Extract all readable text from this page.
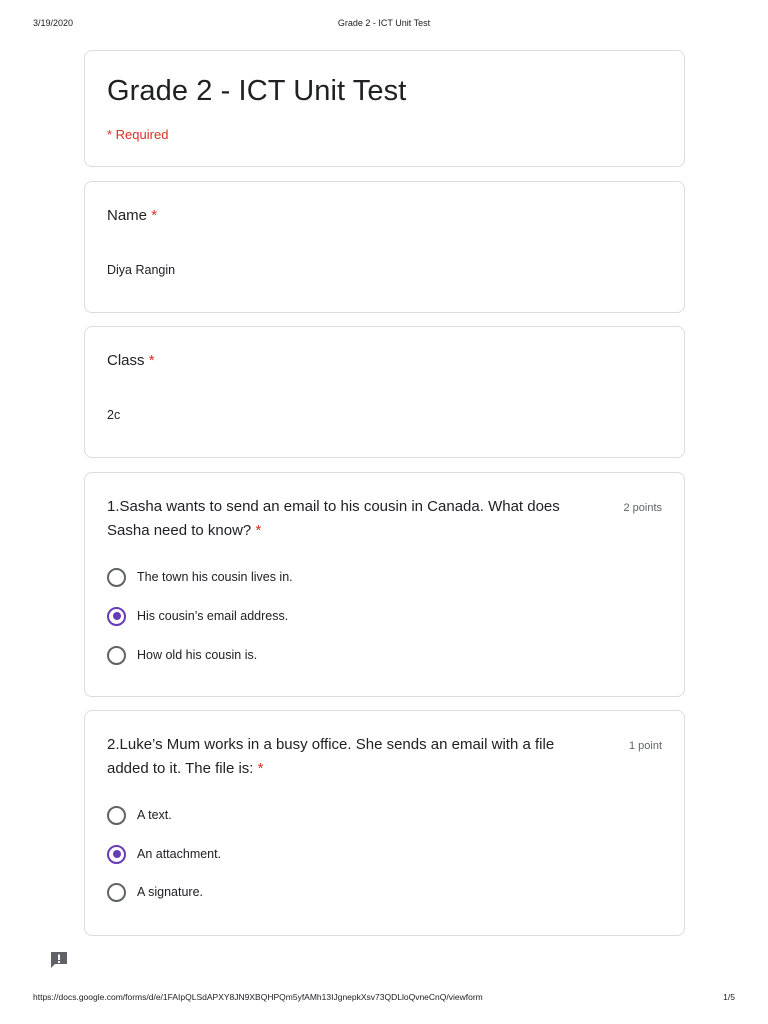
3/19/2020	Grade 2 - ICT Unit Test
Grade 2 - ICT Unit Test
* Required
Name *
Diya Rangin
Class *
2c
1.Sasha wants to send an email to his cousin in Canada. What does Sasha need to know? *
2 points
The town his cousin lives in.
His cousin’s email address.
How old his cousin is.
2.Luke’s Mum works in a busy office. She sends an email with a file added to it. The file is: *
1 point
A text.
An attachment.
A signature.
https://docs.google.com/forms/d/e/1FAIpQLSdAPXY8JN9XBQHPQm5yfAMh13IJgnepkXsv73QDLloQvneCnQ/viewform	1/5
